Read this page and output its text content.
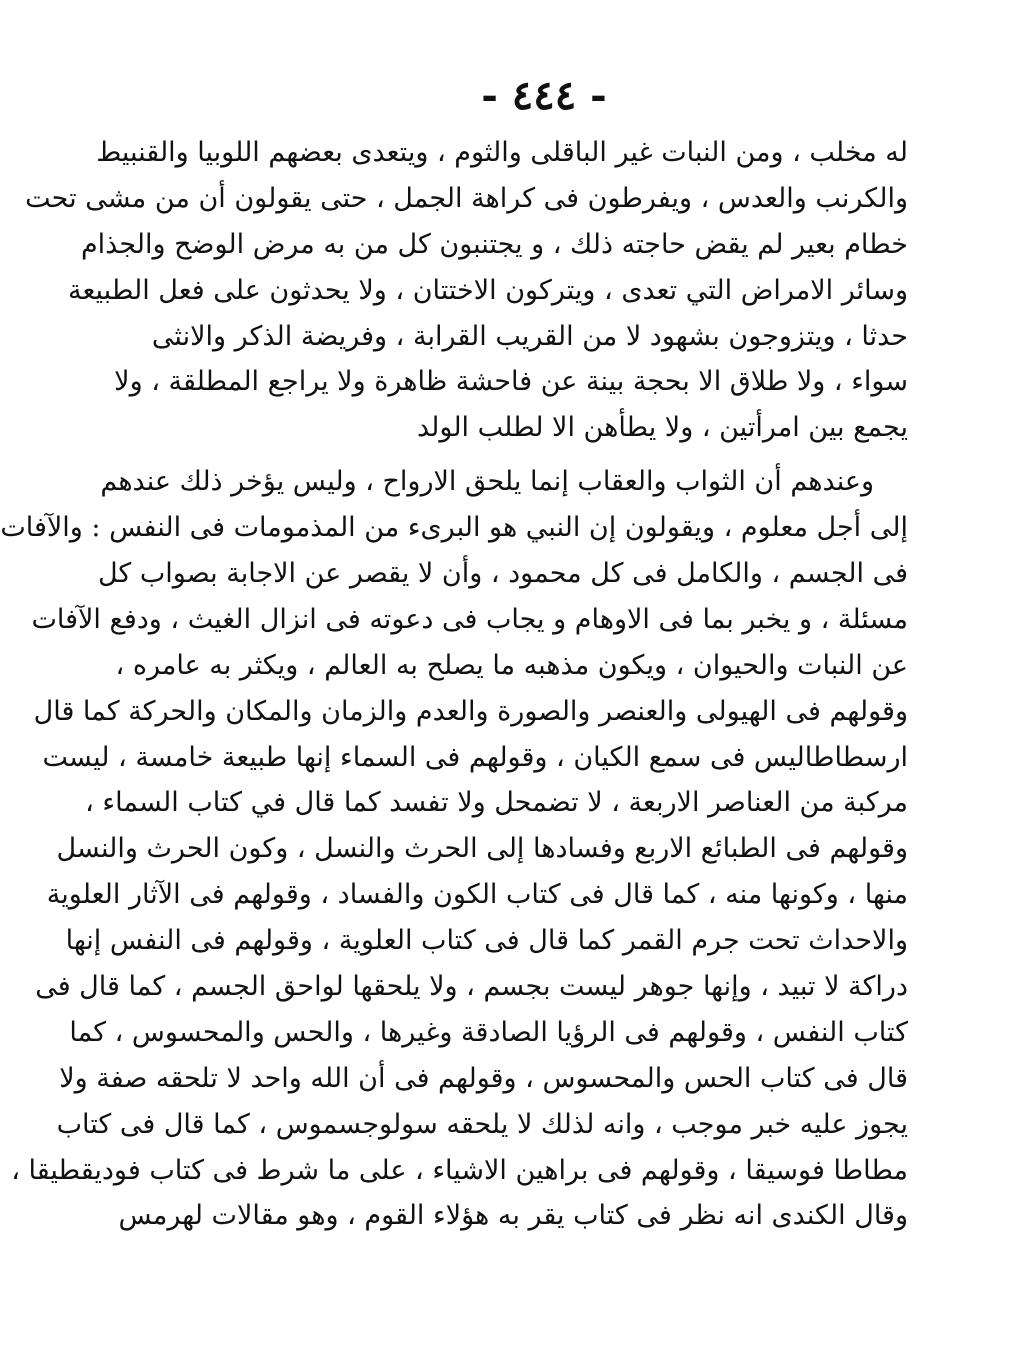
- ٤٤٤ -
له مخلب ، ومن النبات غير الباقلى والثوم ، ويتعدى بعضهم اللوبيا والقنبيط
والكرنب والعدس ، ويفرطون فى كراهة الجمل ، حتى يقولون أن من مشى تحت
خطام بعير لم يقض حاجته ذلك ، و يجتنبون كل من به مرض الوضح والجذام
وسائر الامراض التي تعدى ، ويتركون الاختتان ، ولا يحدثون على فعل الطبيعة
حدثا ، ويتزوجون بشهود لا من القريب القرابة ، وفريضة الذكر والانثى
سواء ، ولا طلاق الا بحجة بينة عن فاحشة ظاهرة ولا يراجع المطلقة ، ولا
يجمع بين امرأتين ، ولا يطأهن الا لطلب الولد
وعندهم أن الثواب والعقاب إنما يلحق الارواح ، وليس يؤخر ذلك عندهم
إلى أجل معلوم ، ويقولون إن النبي هو البرىء من المذمومات فى النفس : والآفات
فى الجسم ، والكامل فى كل محمود ، وأن لا يقصر عن الاجابة بصواب كل
مسئلة ، و يخبر بما فى الاوهام و يجاب فى دعوته فى انزال الغيث ، ودفع الآفات
عن النبات والحيوان ، ويكون مذهبه ما يصلح به العالم ، ويكثر به عامره ،
وقولهم فى الهيولى والعنصر والصورة والعدم والزمان والمكان والحركة كما قال
ارسطاطاليس فى سمع الكيان ، وقولهم فى السماء إنها طبيعة خامسة ، ليست
مركبة من العناصر الاربعة ، لا تضمحل ولا تفسد كما قال في كتاب السماء ،
وقولهم فى الطبائع الاربع وفسادها إلى الحرث والنسل ، وكون الحرث والنسل
منها ، وكونها منه ، كما قال فى كتاب الكون والفساد ، وقولهم فى الآثار العلوية
والاحداث تحت جرم القمر كما قال فى كتاب العلوية ، وقولهم فى النفس إنها
دراكة لا تبيد ، وإنها جوهر ليست بجسم ، ولا يلحقها لواحق الجسم ، كما قال فى
كتاب النفس ، وقولهم فى الرؤيا الصادقة وغيرها ، والحس والمحسوس ، كما
قال فى كتاب الحس والمحسوس ، وقولهم فى أن الله واحد لا تلحقه صفة ولا
يجوز عليه خبر موجب ، وانه لذلك لا يلحقه سولوجسموس ، كما قال فى كتاب
مطاطا فوسيقا ، وقولهم فى براهين الاشياء ، على ما شرط فى كتاب فوديقطيقا ،
وقال الكندى انه نظر فى كتاب يقر به هؤلاء القوم ، وهو مقالات لهرمس
